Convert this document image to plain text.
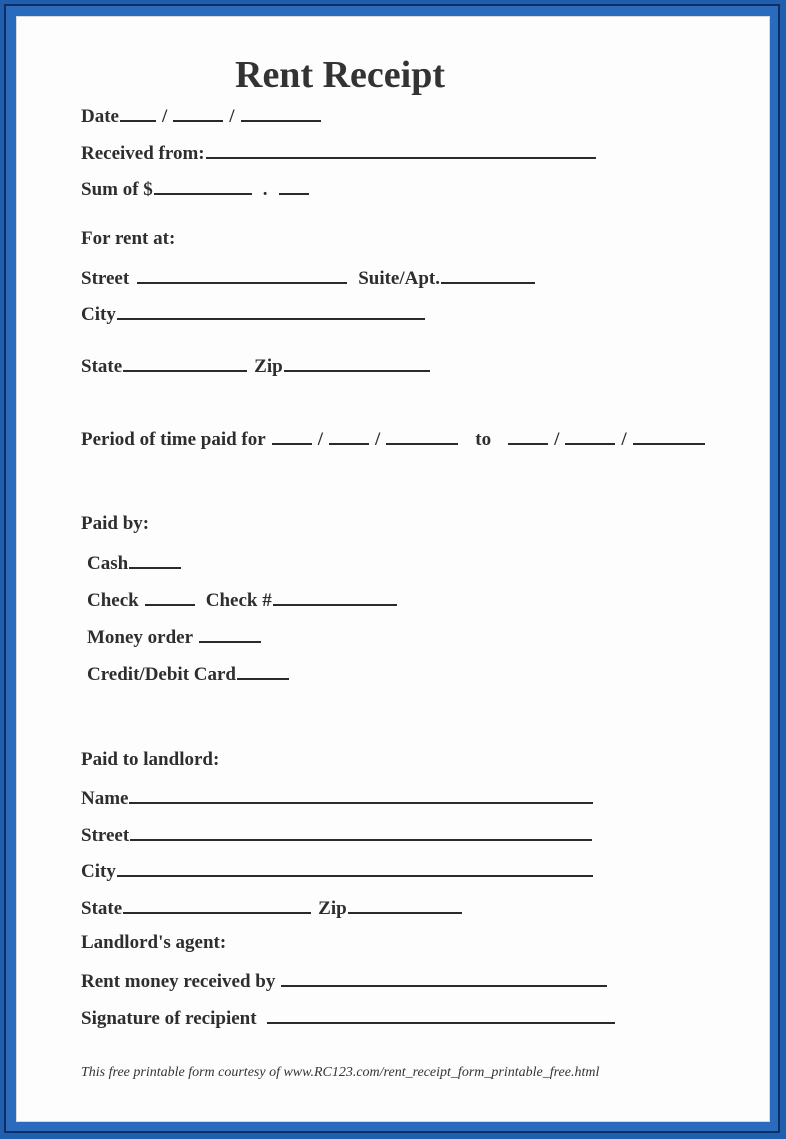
Rent Receipt
Date /	/
Received from:
Sum of $	.
For rent at:
Street	Suite/Apt.
City
State	Zip
Period of time paid for	/	/	to	/	/
Paid by:
Cash
Check	Check #
Money order
Credit/Debit Card
Paid to landlord:
Name
Street
City
State	Zip
Landlord's agent:
Rent money received by
Signature of recipient
This free printable form courtesy of www.RC123.com/rent_receipt_form_printable_free.html
